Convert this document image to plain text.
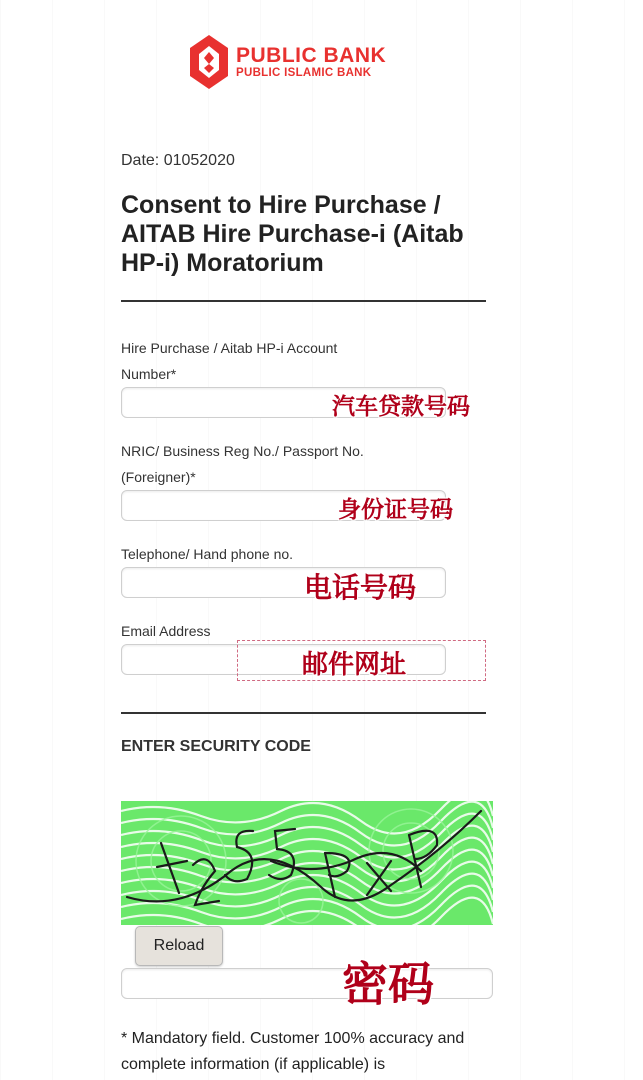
PUBLIC BANK
PUBLIC ISLAMIC BANK
Date: 01052020
Consent to Hire Purchase / AITAB Hire Purchase-i (Aitab HP-i) Moratorium
Hire Purchase / Aitab HP-i Account Number*
汽车贷款号码
NRIC/ Business Reg No./ Passport No.(Foreigner)*
身份证号码
Telephone/ Hand phone no.
电话号码
Email Address
邮件网址
ENTER SECURITY CODE
Reload
密码

* Mandatory field. Customer 100% accuracy and complete information (if applicable) is
